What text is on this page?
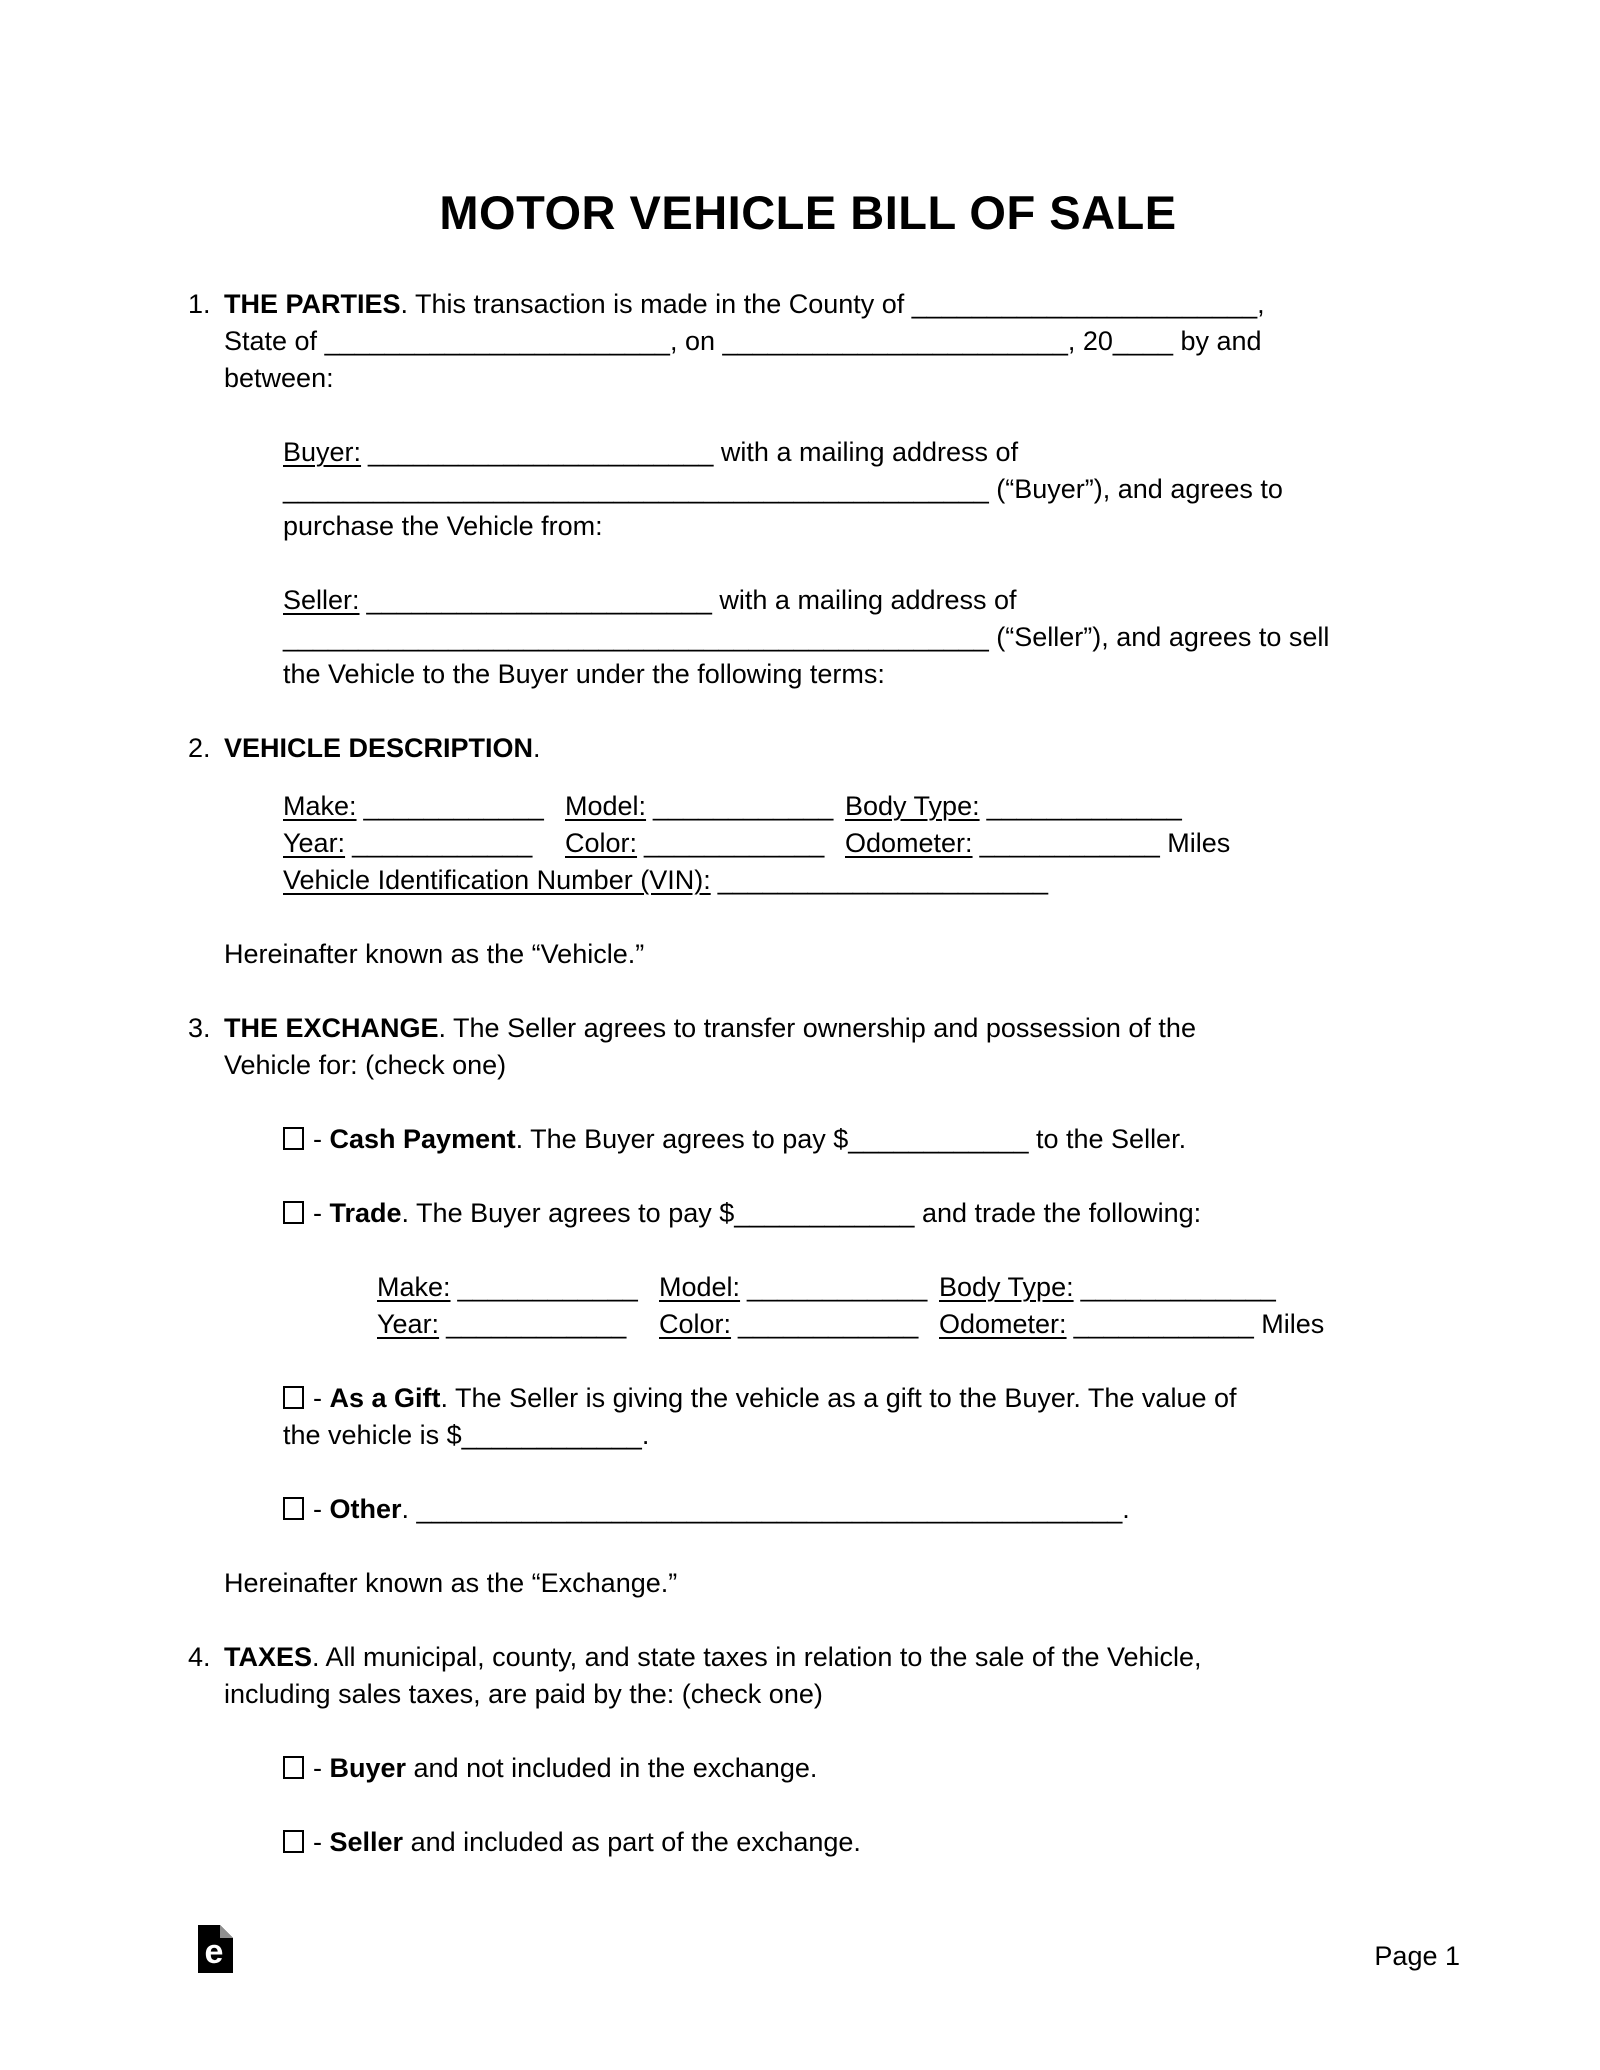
MOTOR VEHICLE BILL OF SALE
1. THE PARTIES. This transaction is made in the County of _______________________,
State of _______________________, on _______________________, 20____ by and
between:
Buyer: _______________________ with a mailing address of
_______________________________________________ (“Buyer”), and agrees to
purchase the Vehicle from:
Seller: _______________________ with a mailing address of
_______________________________________________ (“Seller”), and agrees to sell
the Vehicle to the Buyer under the following terms:
2. VEHICLE DESCRIPTION.
Make: ____________ Model: ____________ Body Type: _____________
Year: ____________ Color: ____________ Odometer: ____________ Miles
Vehicle Identification Number (VIN): ______________________
Hereinafter known as the “Vehicle.”
3. THE EXCHANGE. The Seller agrees to transfer ownership and possession of the
Vehicle for: (check one)
- Cash Payment. The Buyer agrees to pay $____________ to the Seller.
- Trade. The Buyer agrees to pay $____________ and trade the following:
Make: ____________ Model: ____________ Body Type: _____________
Year: ____________ Color: ____________ Odometer: ____________ Miles
- As a Gift. The Seller is giving the vehicle as a gift to the Buyer. The value of
the vehicle is $____________.
- Other. _______________________________________________.
Hereinafter known as the “Exchange.”
4. TAXES. All municipal, county, and state taxes in relation to the sale of the Vehicle,
including sales taxes, are paid by the: (check one)
- Buyer and not included in the exchange.
- Seller and included as part of the exchange.
e	Page 1
